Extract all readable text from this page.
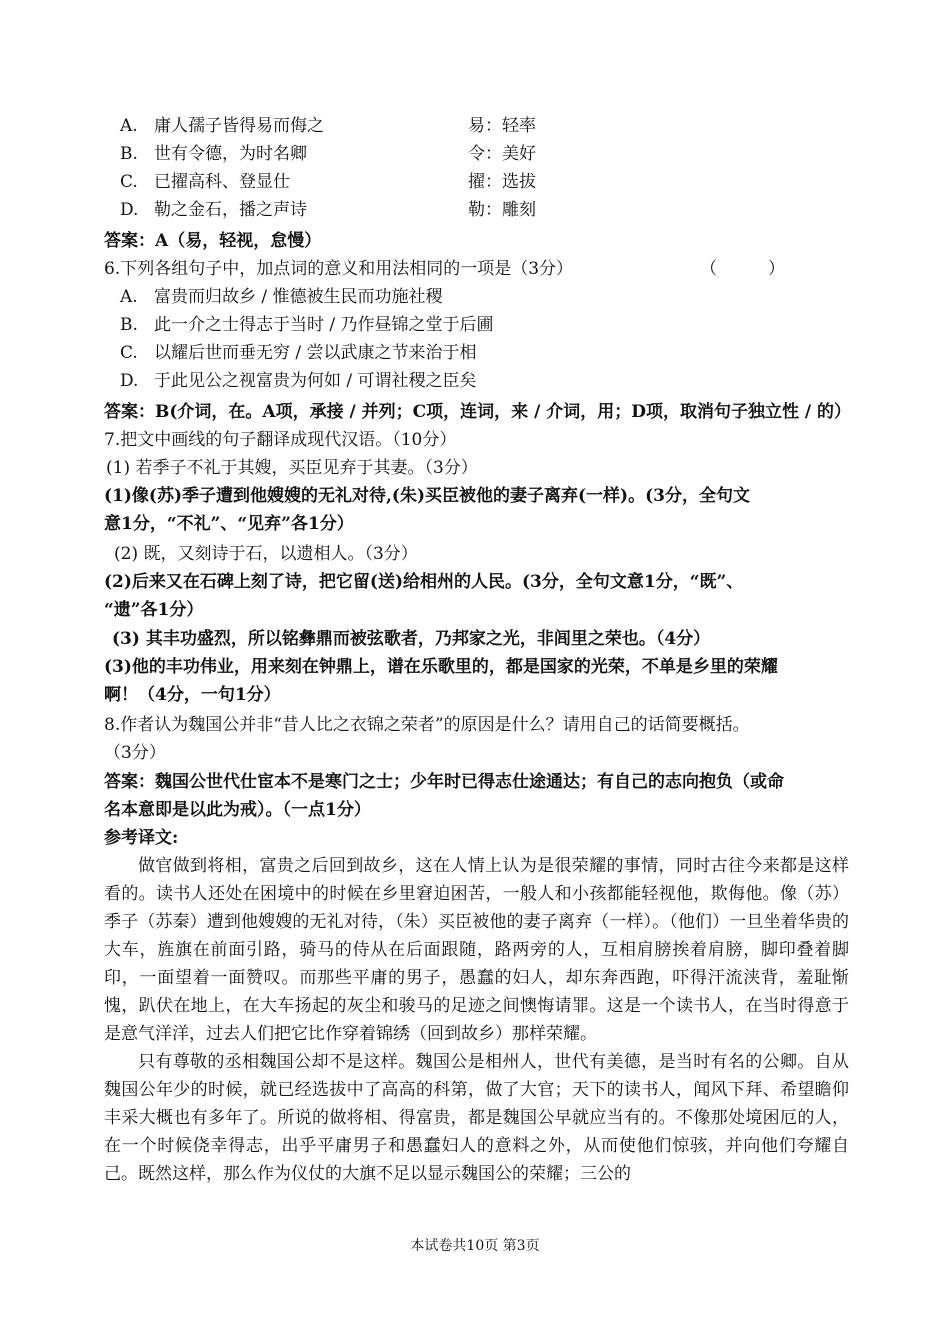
A. 庸人孺子皆得易而侮之	易：轻率
B. 世有令德，为时名卿	令：美好
C. 已擢高科、登显仕	擢：选拔
D. 勒之金石，播之声诗	勒：雕刻
答案：A（易，轻视，怠慢）
6.下列各组句子中，加点词的意义和用法相同的一项是（3分）	（　　　）
A. 富贵而归故乡 / 惟德被生民而功施社稷
B. 此一介之士得志于当时 / 乃作昼锦之堂于后圃
C. 以耀后世而垂无穷 / 尝以武康之节来治于相
D. 于此见公之视富贵为何如 / 可谓社稷之臣矣
答案：B(介词，在。A项，承接 / 并列；C项，连词，来 / 介词，用；D项，取消句子独立性 / 的）
7.把文中画线的句子翻译成现代汉语。（10分）
(1) 若季子不礼于其嫂，买臣见弃于其妻。（3分）
(1)像(苏)季子遭到他嫂嫂的无礼对待,(朱)买臣被他的妻子离弃(一样)。(3分，全句文
意1分，“不礼”、“见弃”各1分）
(2) 既，又刻诗于石，以遗相人。（3分）
(2)后来又在石碑上刻了诗，把它留(送)给相州的人民。(3分，全句文意1分，“既”、
“遗”各1分）
(3) 其丰功盛烈，所以铭彝鼎而被弦歌者，乃邦家之光，非闾里之荣也。（4分）
(3)他的丰功伟业，用来刻在钟鼎上，谱在乐歌里的，都是国家的光荣，不单是乡里的荣耀
啊！（4分，一句1分）
8.作者认为魏国公并非“昔人比之衣锦之荣者”的原因是什么？请用自己的话简要概括。
（3分）
答案：魏国公世代仕宦本不是寒门之士；少年时已得志仕途通达；有自己的志向抱负（或命
名本意即是以此为戒）。（一点1分）
参考译文:

做官做到将相，富贵之后回到故乡，这在人情上认为是很荣耀的事情，同时古往今来都是这样看的。读书人还处在困境中的时候在乡里窘迫困苦，一般人和小孩都能轻视他，欺侮他。像（苏）季子（苏秦）遭到他嫂嫂的无礼对待，（朱）买臣被他的妻子离弃（一样）。（他们）一旦坐着华贵的大车，旌旗在前面引路，骑马的侍从在后面跟随，路两旁的人，互相肩膀挨着肩膀，脚印叠着脚印，一面望着一面赞叹。而那些平庸的男子，愚蠢的妇人，却东奔西跑，吓得汗流浃背，羞耻惭愧，趴伏在地上，在大车扬起的灰尘和骏马的足迹之间懊悔请罪。这是一个读书人，在当时得意于是意气洋洋，过去人们把它比作穿着锦绣（回到故乡）那样荣耀。

只有尊敬的丞相魏国公却不是这样。魏国公是相州人，世代有美德，是当时有名的公卿。自从魏国公年少的时候，就已经选拔中了高高的科第，做了大官；天下的读书人，闻风下拜、希望瞻仰丰采大概也有多年了。所说的做将相、得富贵，都是魏国公早就应当有的。不像那处境困厄的人，在一个时候侥幸得志，出乎平庸男子和愚蠢妇人的意料之外，从而使他们惊骇，并向他们夸耀自己。既然这样，那么作为仪仗的大旗不足以显示魏国公的荣耀；三公的

本试卷共10页 第3页
